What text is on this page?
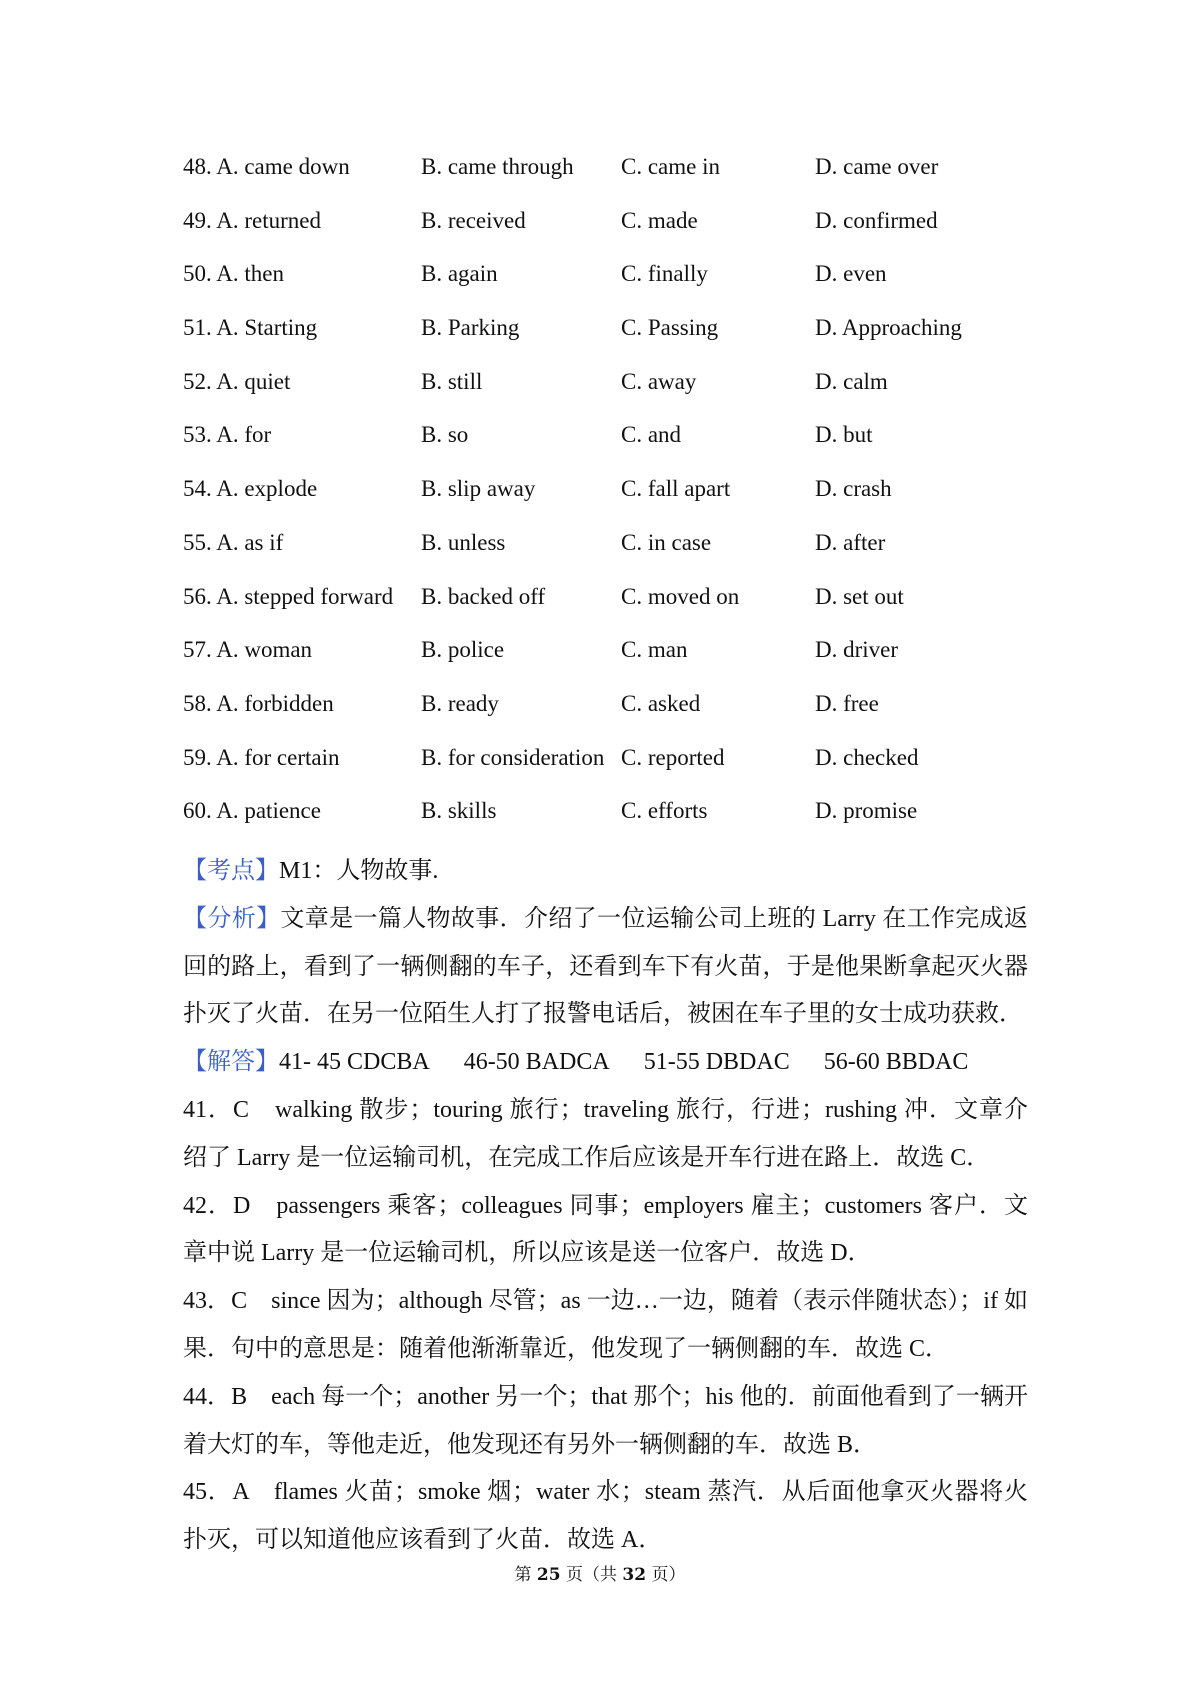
48. A. came down	B. came through C. came in	D. came over
49. A. returned	B. received	C. made	D. confirmed
50. A. then	B. again	C. finally	D. even
51. A. Starting	B. Parking	C. Passing	D. Approaching
52. A. quiet	B. still	C. away	D. calm
53. A. for	B. so	C. and	D. but
54. A. explode	B. slip away	C. fall apart	D. crash
55. A. as if	B. unless	C. in case	D. after
56. A. stepped forward B. backed off	C. moved on	D. set out
57. A. woman	B. police	C. man	D. driver
58. A. forbidden	B. ready	C. asked	D. free
59. A. for certain	B. for consideration C. reported	D. checked
60. A. patience	B. skills	C. efforts	D. promise

【考点】M1：人物故事.

【分析】文章是一篇人物故事．介绍了一位运输公司上班的 Larry 在工作完成返回的路上，看到了一辆侧翻的车子，还看到车下有火苗，于是他果断拿起灭火器扑灭了火苗．在另一位陌生人打了报警电话后，被困在车子里的女士成功获救．

【解答】41- 45 CDCBA 46-50 BADCA 51-55 DBDAC 56-60 BBDAC

41．C　walking 散步；touring 旅行；traveling 旅行，行进；rushing 冲．文章介绍了 Larry 是一位运输司机，在完成工作后应该是开车行进在路上．故选 C．

42．D　passengers 乘客；colleagues 同事；employers 雇主；customers 客户．文章中说 Larry 是一位运输司机，所以应该是送一位客户．故选 D．

43．C　since 因为；although 尽管；as 一边…一边，随着（表示伴随状态）；if 如果．句中的意思是：随着他渐渐靠近，他发现了一辆侧翻的车．故选 C．

44．B　each 每一个；another 另一个；that 那个；his 他的．前面他看到了一辆开着大灯的车，等他走近，他发现还有另外一辆侧翻的车．故选 B．

45．A　flames 火苗；smoke 烟；water 水；steam 蒸汽．从后面他拿灭火器将火扑灭，可以知道他应该看到了火苗．故选 A．

第 25 页（共 32 页）
